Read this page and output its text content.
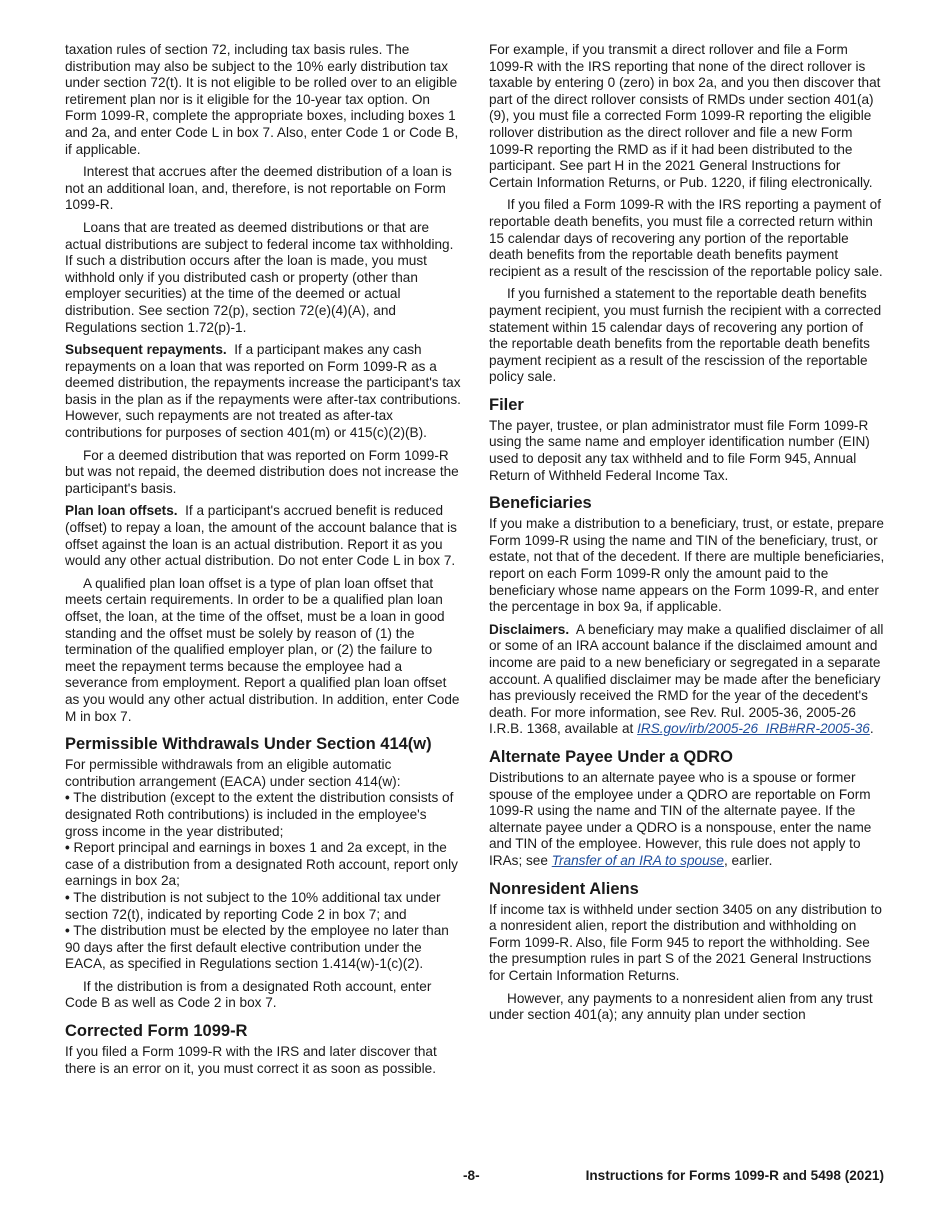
taxation rules of section 72, including tax basis rules. The distribution may also be subject to the 10% early distribution tax under section 72(t). It is not eligible to be rolled over to an eligible retirement plan nor is it eligible for the 10-year tax option. On Form 1099-R, complete the appropriate boxes, including boxes 1 and 2a, and enter Code L in box 7. Also, enter Code 1 or Code B, if applicable.

Interest that accrues after the deemed distribution of a loan is not an additional loan, and, therefore, is not reportable on Form 1099-R.

Loans that are treated as deemed distributions or that are actual distributions are subject to federal income tax withholding. If such a distribution occurs after the loan is made, you must withhold only if you distributed cash or property (other than employer securities) at the time of the deemed or actual distribution. See section 72(p), section 72(e)(4)(A), and Regulations section 1.72(p)-1.

Subsequent repayments. If a participant makes any cash repayments on a loan that was reported on Form 1099-R as a deemed distribution, the repayments increase the participant's tax basis in the plan as if the repayments were after-tax contributions. However, such repayments are not treated as after-tax contributions for purposes of section 401(m) or 415(c)(2)(B).

For a deemed distribution that was reported on Form 1099-R but was not repaid, the deemed distribution does not increase the participant's basis.

Plan loan offsets. If a participant's accrued benefit is reduced (offset) to repay a loan, the amount of the account balance that is offset against the loan is an actual distribution. Report it as you would any other actual distribution. Do not enter Code L in box 7.

A qualified plan loan offset is a type of plan loan offset that meets certain requirements. In order to be a qualified plan loan offset, the loan, at the time of the offset, must be a loan in good standing and the offset must be solely by reason of (1) the termination of the qualified employer plan, or (2) the failure to meet the repayment terms because the employee had a severance from employment. Report a qualified plan loan offset as you would any other actual distribution. In addition, enter Code M in box 7.

Permissible Withdrawals Under Section 414(w)

For permissible withdrawals from an eligible automatic contribution arrangement (EACA) under section 414(w):

• The distribution (except to the extent the distribution consists of designated Roth contributions) is included in the employee's gross income in the year distributed;
• Report principal and earnings in boxes 1 and 2a except, in the case of a distribution from a designated Roth account, report only earnings in box 2a;
• The distribution is not subject to the 10% additional tax under section 72(t), indicated by reporting Code 2 in box 7; and
• The distribution must be elected by the employee no later than 90 days after the first default elective contribution under the EACA, as specified in Regulations section 1.414(w)-1(c)(2).

If the distribution is from a designated Roth account, enter Code B as well as Code 2 in box 7.

Corrected Form 1099-R

If you filed a Form 1099-R with the IRS and later discover that there is an error on it, you must correct it as soon as possible.

For example, if you transmit a direct rollover and file a Form 1099-R with the IRS reporting that none of the direct rollover is taxable by entering 0 (zero) in box 2a, and you then discover that part of the direct rollover consists of RMDs under section 401(a)(9), you must file a corrected Form 1099-R reporting the eligible rollover distribution as the direct rollover and file a new Form 1099-R reporting the RMD as if it had been distributed to the participant. See part H in the 2021 General Instructions for Certain Information Returns, or Pub. 1220, if filing electronically.

If you filed a Form 1099-R with the IRS reporting a payment of reportable death benefits, you must file a corrected return within 15 calendar days of recovering any portion of the reportable death benefits from the reportable death benefits payment recipient as a result of the rescission of the reportable policy sale.

If you furnished a statement to the reportable death benefits payment recipient, you must furnish the recipient with a corrected statement within 15 calendar days of recovering any portion of the reportable death benefits from the reportable death benefits payment recipient as a result of the rescission of the reportable policy sale.

Filer

The payer, trustee, or plan administrator must file Form 1099-R using the same name and employer identification number (EIN) used to deposit any tax withheld and to file Form 945, Annual Return of Withheld Federal Income Tax.

Beneficiaries

If you make a distribution to a beneficiary, trust, or estate, prepare Form 1099-R using the name and TIN of the beneficiary, trust, or estate, not that of the decedent. If there are multiple beneficiaries, report on each Form 1099-R only the amount paid to the beneficiary whose name appears on the Form 1099-R, and enter the percentage in box 9a, if applicable.

Disclaimers. A beneficiary may make a qualified disclaimer of all or some of an IRA account balance if the disclaimed amount and income are paid to a new beneficiary or segregated in a separate account. A qualified disclaimer may be made after the beneficiary has previously received the RMD for the year of the decedent's death. For more information, see Rev. Rul. 2005-36, 2005-26 I.R.B. 1368, available at IRS.gov/irb/2005-26_IRB#RR-2005-36.

Alternate Payee Under a QDRO

Distributions to an alternate payee who is a spouse or former spouse of the employee under a QDRO are reportable on Form 1099-R using the name and TIN of the alternate payee. If the alternate payee under a QDRO is a nonspouse, enter the name and TIN of the employee. However, this rule does not apply to IRAs; see Transfer of an IRA to spouse, earlier.

Nonresident Aliens

If income tax is withheld under section 3405 on any distribution to a nonresident alien, report the distribution and withholding on Form 1099-R. Also, file Form 945 to report the withholding. See the presumption rules in part S of the 2021 General Instructions for Certain Information Returns.

However, any payments to a nonresident alien from any trust under section 401(a); any annuity plan under section

-8-	Instructions for Forms 1099-R and 5498 (2021)
